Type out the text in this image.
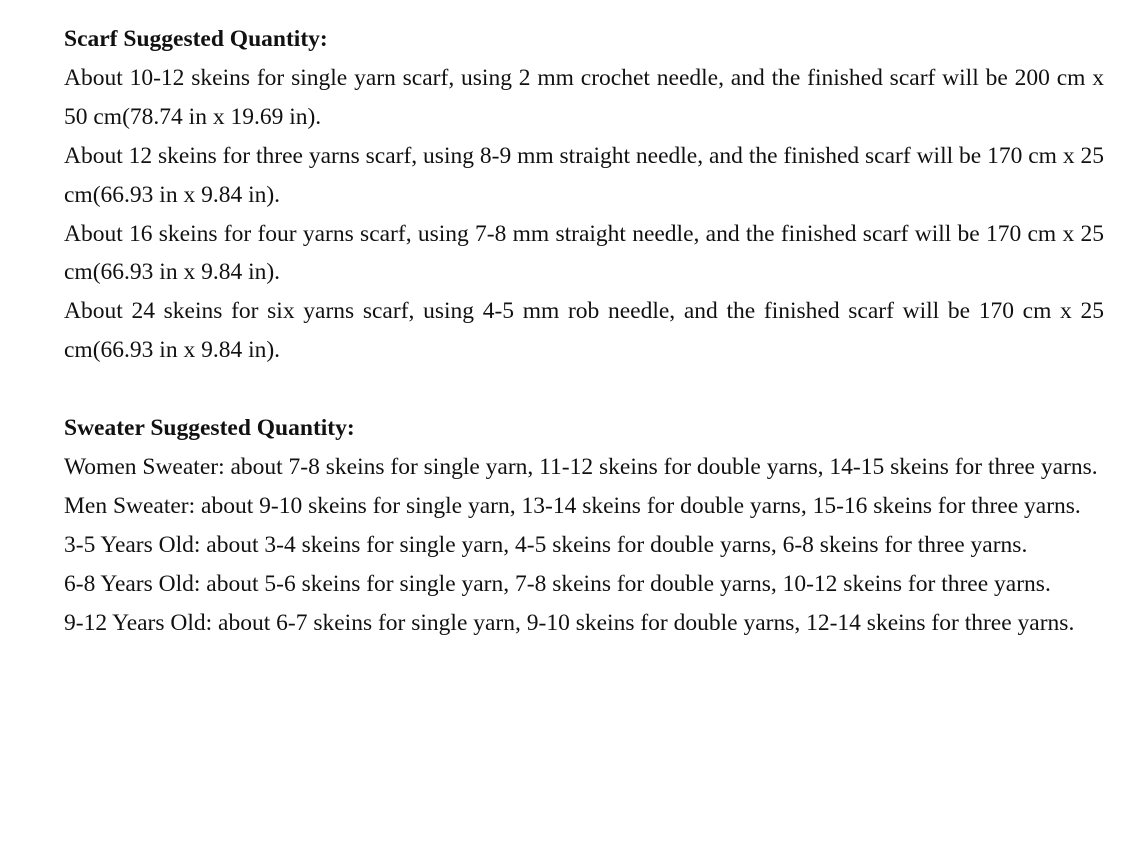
Scarf Suggested Quantity:

About 10-12 skeins for single yarn scarf, using 2 mm crochet needle, and the finished scarf will be 200 cm x 50 cm(78.74 in x 19.69 in).

About 12 skeins for three yarns scarf, using 8-9 mm straight needle, and the finished scarf will be 170 cm x 25 cm(66.93 in x 9.84 in).

About 16 skeins for four yarns scarf, using 7-8 mm straight needle, and the finished scarf will be 170 cm x 25 cm(66.93 in x 9.84 in).

About 24 skeins for six yarns scarf, using 4-5 mm rob needle, and the finished scarf will be 170 cm x 25 cm(66.93 in x 9.84 in).

Sweater Suggested Quantity:

Women Sweater: about 7-8 skeins for single yarn, 11-12 skeins for double yarns, 14-15 skeins for three yarns.

Men Sweater: about 9-10 skeins for single yarn, 13-14 skeins for double yarns, 15-16 skeins for three yarns.

3-5 Years Old: about 3-4 skeins for single yarn, 4-5 skeins for double yarns, 6-8 skeins for three yarns.

6-8 Years Old: about 5-6 skeins for single yarn, 7-8 skeins for double yarns, 10-12 skeins for three yarns.

9-12 Years Old: about 6-7 skeins for single yarn, 9-10 skeins for double yarns, 12-14 skeins for three yarns.
